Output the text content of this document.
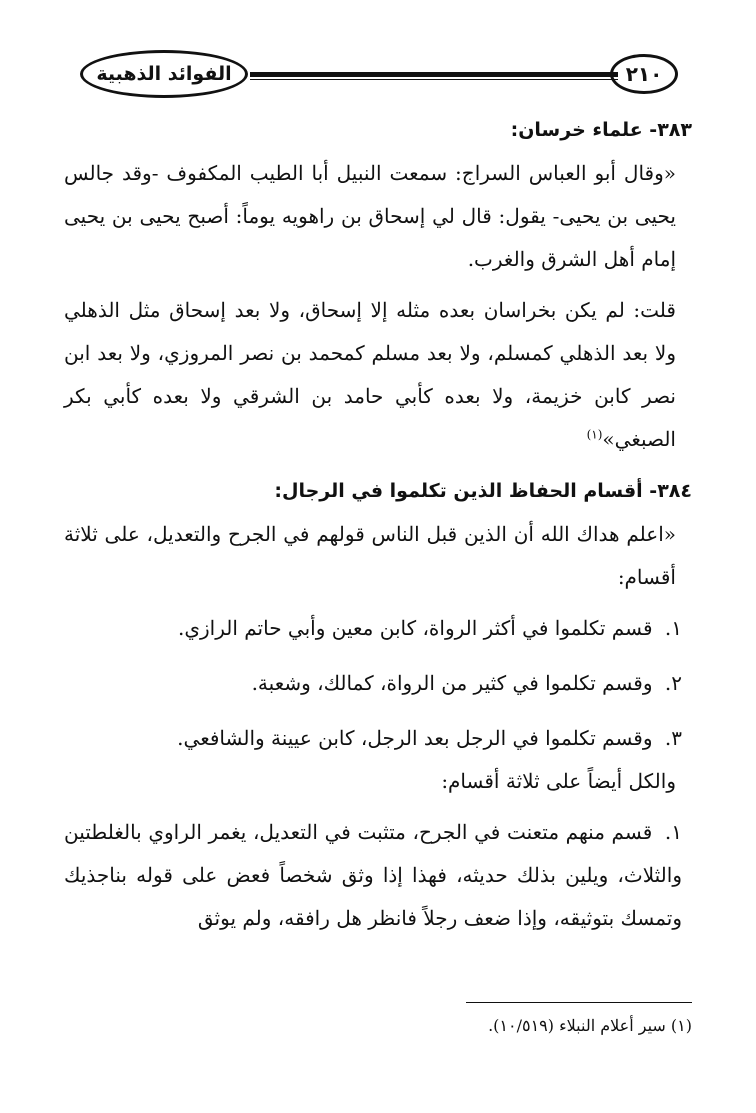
الفوائد الذهبية	٢١٠
٣٨٣- علماء خرسان:

«وقال أبو العباس السراج: سمعت النبيل أبا الطيب المكفوف -وقد جالس يحيى بن يحيى- يقول: قال لي إسحاق بن راهويه يوماً: أصبح يحيى بن يحيى إمام أهل الشرق والغرب.

قلت: لم يكن بخراسان بعده مثله إلا إسحاق، ولا بعد إسحاق مثل الذهلي ولا بعد الذهلي كمسلم، ولا بعد مسلم كمحمد بن نصر المروزي، ولا بعد ابن نصر كابن خزيمة، ولا بعده كأبي حامد بن الشرقي ولا بعده كأبي بكر الصبغي»$^{(١)}$

٣٨٤- أقسام الحفاظ الذين تكلموا في الرجال:

«اعلم هداك الله أن الذين قبل الناس قولهم في الجرح والتعديل، على ثلاثة أقسام:

١. قسم تكلموا في أكثر الرواة، كابن معين وأبي حاتم الرازي.

٢. وقسم تكلموا في كثير من الرواة، كمالك، وشعبة.

٣. وقسم تكلموا في الرجل بعد الرجل، كابن عيينة والشافعي.

والكل أيضاً على ثلاثة أقسام:

١. قسم منهم متعنت في الجرح، متثبت في التعديل، يغمر الراوي بالغلطتين والثلاث، ويلين بذلك حديثه، فهذا إذا وثق شخصاً فعض على قوله بناجذيك وتمسك بتوثيقه، وإذا ضعف رجلاً فانظر هل رافقه، ولم يوثق

(١) سير أعلام النبلاء (١٠/٥١٩).
